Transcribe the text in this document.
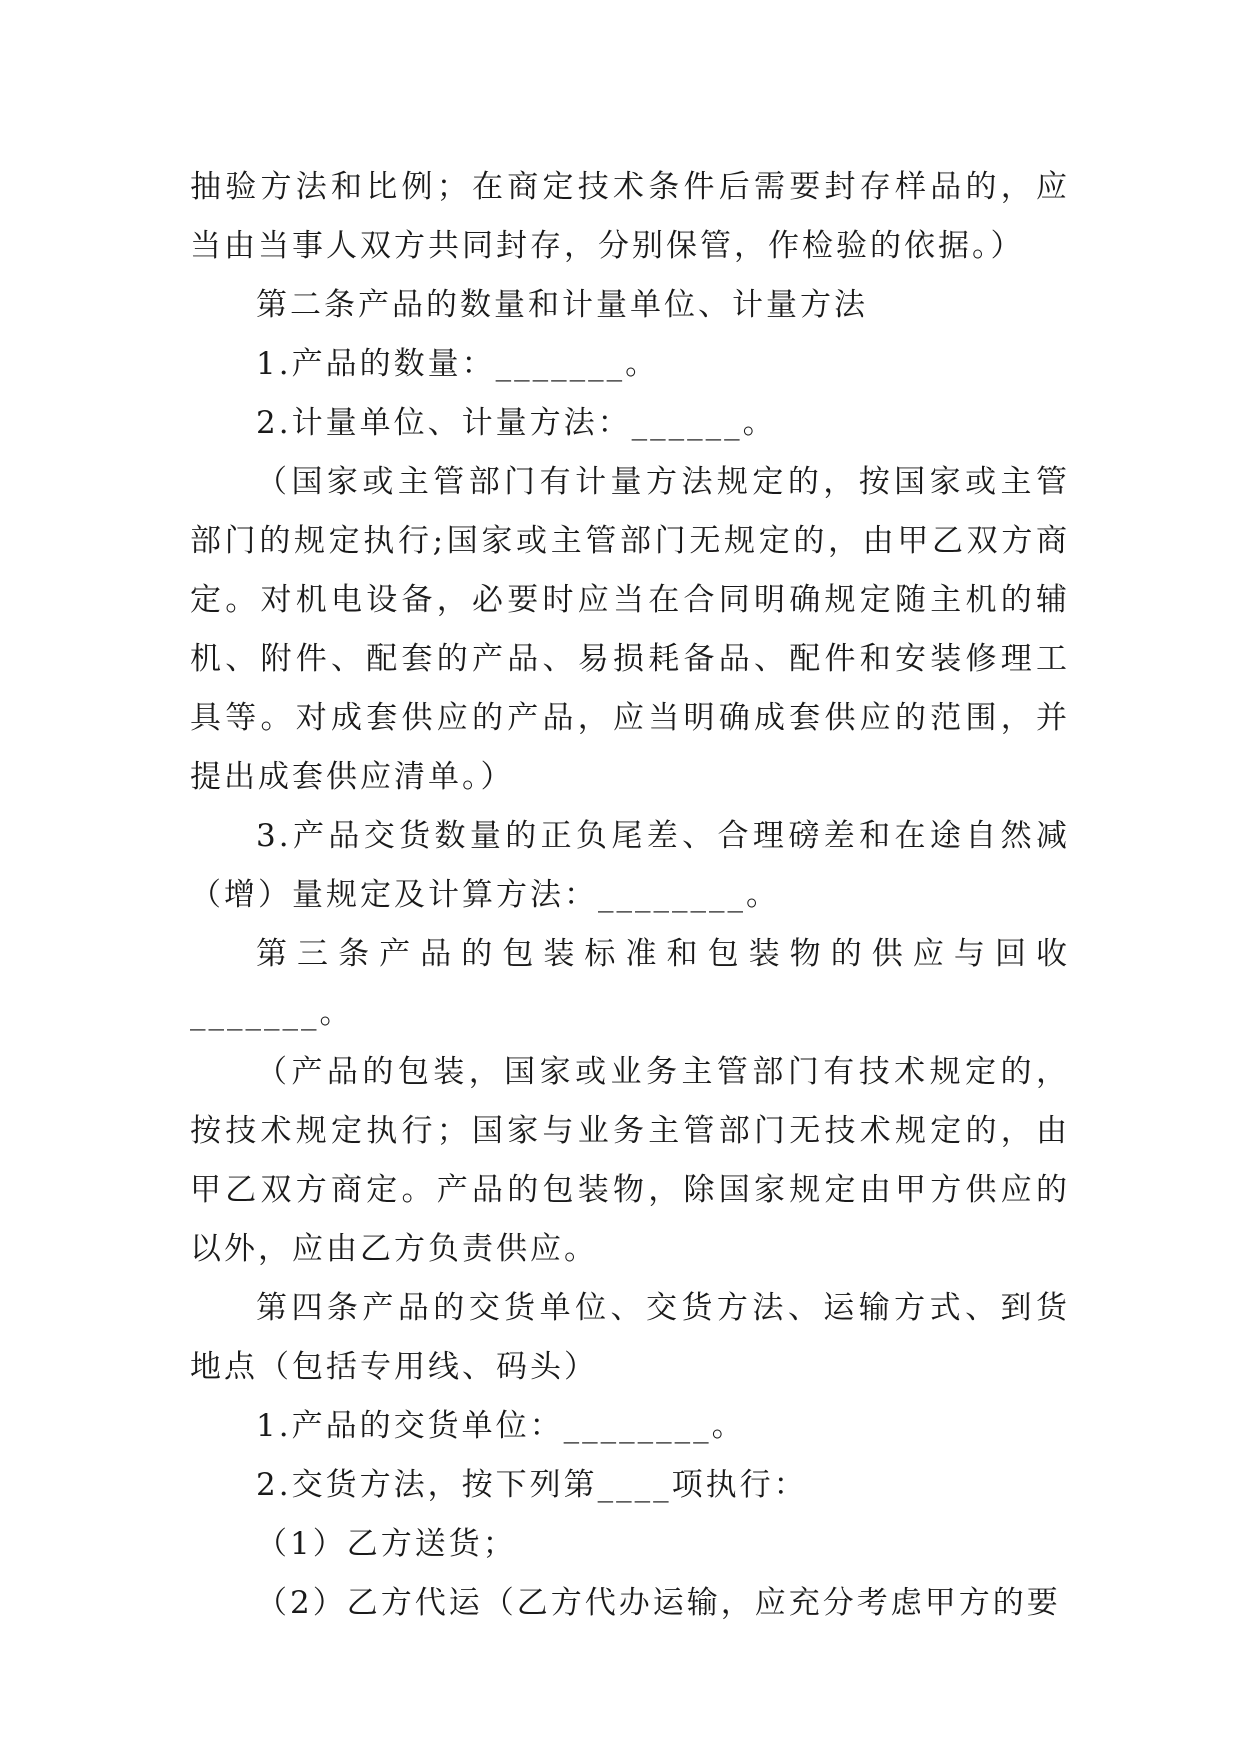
抽验方法和比例；在商定技术条件后需要封存样品的，应当由当事人双方共同封存，分别保管，作检验的依据。）

第二条产品的数量和计量单位、计量方法

1.产品的数量：_______。

2.计量单位、计量方法：______。

（国家或主管部门有计量方法规定的，按国家或主管部门的规定执行;国家或主管部门无规定的，由甲乙双方商定。对机电设备，必要时应当在合同明确规定随主机的辅机、附件、配套的产品、易损耗备品、配件和安装修理工具等。对成套供应的产品，应当明确成套供应的范围，并提出成套供应清单。）

3.产品交货数量的正负尾差、合理磅差和在途自然减（增）量规定及计算方法：________。

第三条产品的包装标准和包装物的供应与回收_______。

（产品的包装，国家或业务主管部门有技术规定的，按技术规定执行；国家与业务主管部门无技术规定的，由甲乙双方商定。产品的包装物，除国家规定由甲方供应的以外，应由乙方负责供应。

第四条产品的交货单位、交货方法、运输方式、到货地点（包括专用线、码头）

1.产品的交货单位：________。

2.交货方法，按下列第____项执行：

（1）乙方送货；

（2）乙方代运（乙方代办运输，应充分考虑甲方的要
